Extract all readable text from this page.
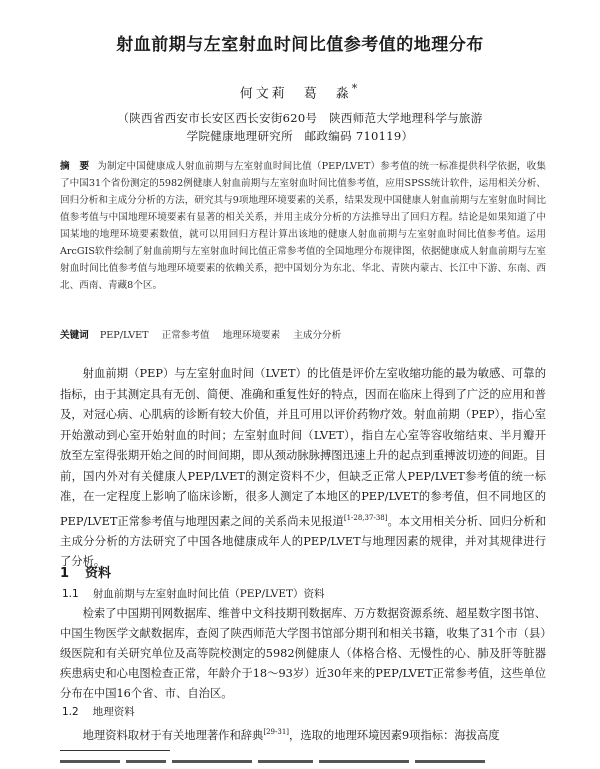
射血前期与左室射血时间比值参考值的地理分布
何文莉　葛　淼*
（陕西省西安市长安区西长安街620号　陕西师范大学地理科学与旅游
学院健康地理研究所　邮政编码 710119）
摘　要 为制定中国健康成人射血前期与左室射血时间比值（PEP/LVET）参考值的统一标准提供科学依据，收集了中国31个省份测定的5982例健康人射血前期与左室射血时间比值参考值，应用SPSS统计软件，运用相关分析、回归分析和主成分分析的方法，研究其与9项地理环境要素的关系，结果发现中国健康人射血前期与左室射血时间比值参考值与中国地理环境要素有显著的相关关系，并用主成分分析的方法推导出了回归方程。结论是如果知道了中国某地的地理环境要素数值，就可以用回归方程计算出该地的健康人射血前期与左室射血时间比值参考值。运用ArcGIS软件绘制了射血前期与左室射血时间比值正常参考值的全国地理分布规律图，依据健康成人射血前期与左室射血时间比值参考值与地理环境要素的依赖关系，把中国划分为东北、华北、青陕内蒙古、长江中下游、东南、西北、西南、青藏8个区。
关键词 PEP/LVET 正常参考值 地理环境要素 主成分分析

射血前期（PEP）与左室射血时间（LVET）的比值是评价左室收缩功能的最为敏感、可靠的指标，由于其测定具有无创、简便、准确和重复性好的特点，因而在临床上得到了广泛的应用和普及，对冠心病、心肌病的诊断有较大价值，并且可用以评价药物疗效。射血前期（PEP），指心室开始激动到心室开始射血的时间；左室射血时间（LVET），指自左心室等容收缩结束、半月瓣开放至左室得张期开始之间的时间间期，即从颈动脉脉搏图迅速上升的起点到重搏波切迹的间距。目前，国内外对有关健康人PEP/LVET的测定资料不少，但缺乏正常人PEP/LVET参考值的统一标准，在一定程度上影响了临床诊断，很多人测定了本地区的PEP/LVET的参考值，但不同地区的PEP/LVET正常参考值与地理因素之间的关系尚未见报道[1-28,37-38]。本文用相关分析、回归分析和主成分分析的方法研究了中国各地健康成年人的PEP/LVET与地理因素的规律，并对其规律进行了分析。

1 资料
1.1 射血前期与左室射血时间比值（PEP/LVET）资料

检索了中国期刊网数据库、维普中文科技期刊数据库、万方数据资源系统、超星数字图书馆、中国生物医学文献数据库，查阅了陕西师范大学图书馆部分期刊和相关书籍，收集了31个市（县）级医院和有关研究单位及高等院校测定的5982例健康人（体格合格、无慢性的心、肺及肝等脏器疾患病史和心电图检查正常，年龄介于18～93岁）近30年来的PEP/LVET正常参考值，这些单位分布在中国16个省、市、自治区。

1.2 地理资料

地理资料取材于有关地理著作和辞典[29-31]，选取的地理环境因素9项指标：海拔高度
